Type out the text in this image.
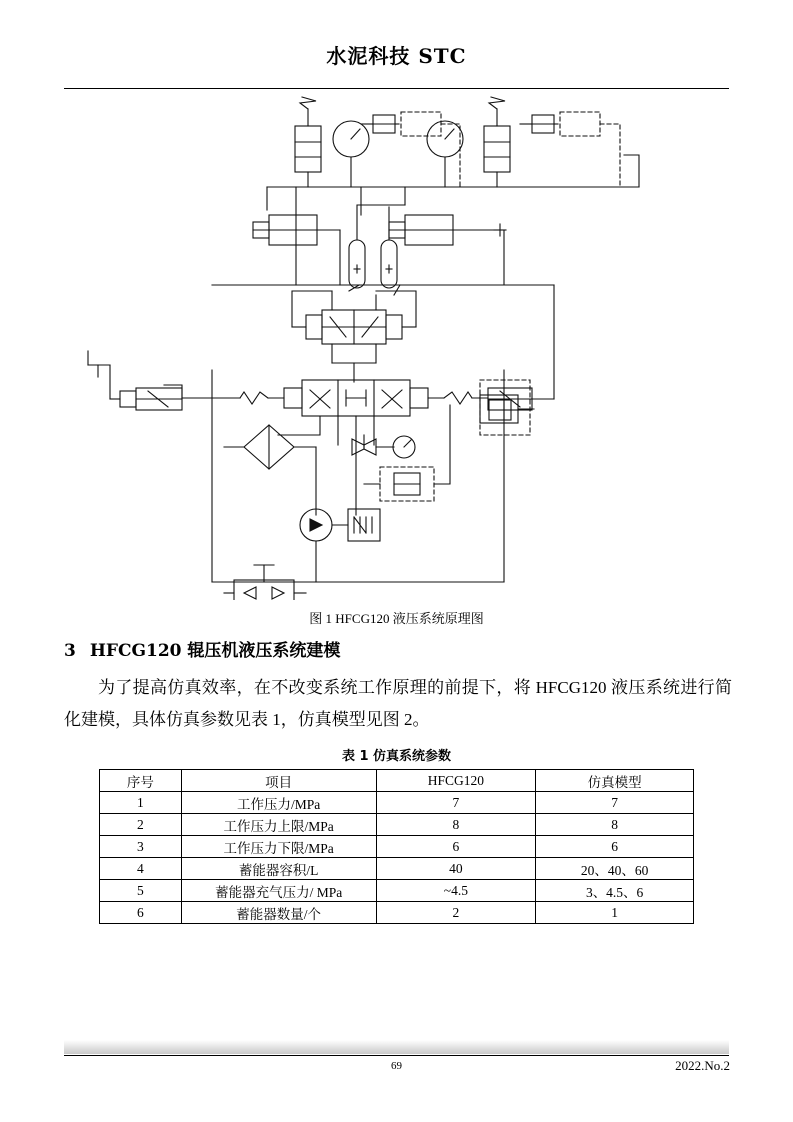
水泥科技 STC
图 1 HFCG120 液压系统原理图
3 HFCG120 辊压机液压系统建模
为了提高仿真效率，在不改变系统工作原理的前提下，将 HFCG120 液压系统进行简化建模，具体仿真参数见表 1，仿真模型见图 2。
表 1 仿真系统参数
序号	项目	HFCG120	仿真模型
1	工作压力/MPa	7	7
2	工作压力上限/MPa	8	8
3	工作压力下限/MPa	6	6
4	蓄能器容积/L	40	20、40、60
5	蓄能器充气压力/ MPa	~4.5	3、4.5、6
6	蓄能器数量/个	2	1
69	2022.No.2
